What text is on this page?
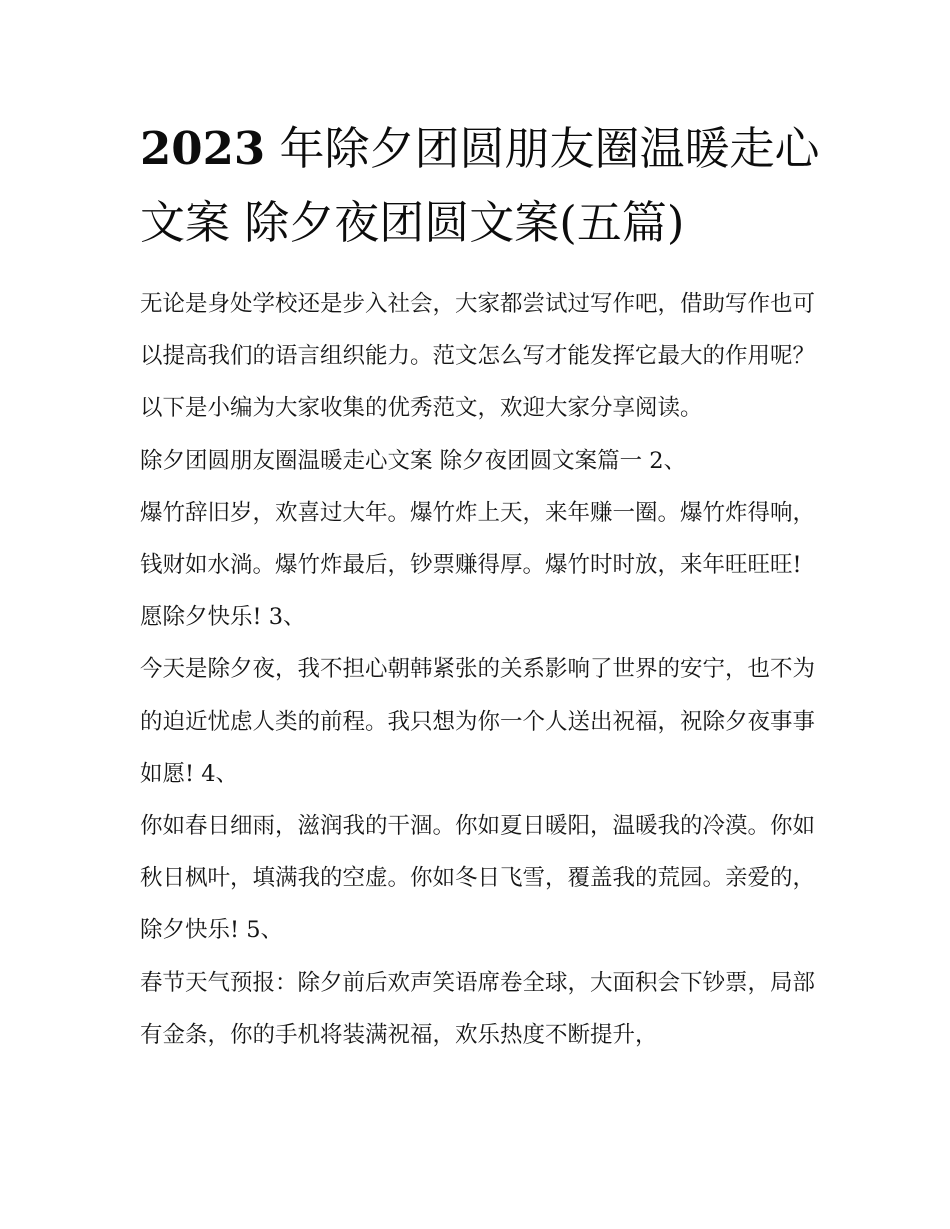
2023 年除夕团圆朋友圈温暖走心文案 除夕夜团圆文案(五篇)

无论是身处学校还是步入社会，大家都尝试过写作吧，借助写作也可以提高我们的语言组织能力。范文怎么写才能发挥它最大的作用呢？以下是小编为大家收集的优秀范文，欢迎大家分享阅读。

除夕团圆朋友圈温暖走心文案 除夕夜团圆文案篇一 2、

爆竹辞旧岁，欢喜过大年。爆竹炸上天，来年赚一圈。爆竹炸得响，钱财如水淌。爆竹炸最后，钞票赚得厚。爆竹时时放，来年旺旺旺!愿除夕快乐! 3、

今天是除夕夜，我不担心朝韩紧张的关系影响了世界的安宁，也不为的迫近忧虑人类的前程。我只想为你一个人送出祝福，祝除夕夜事事如愿! 4、

你如春日细雨，滋润我的干涸。你如夏日暖阳，温暖我的冷漠。你如秋日枫叶，填满我的空虚。你如冬日飞雪，覆盖我的荒园。亲爱的，除夕快乐! 5、

春节天气预报：除夕前后欢声笑语席卷全球，大面积会下钞票，局部有金条，你的手机将装满祝福，欢乐热度不断提升，
